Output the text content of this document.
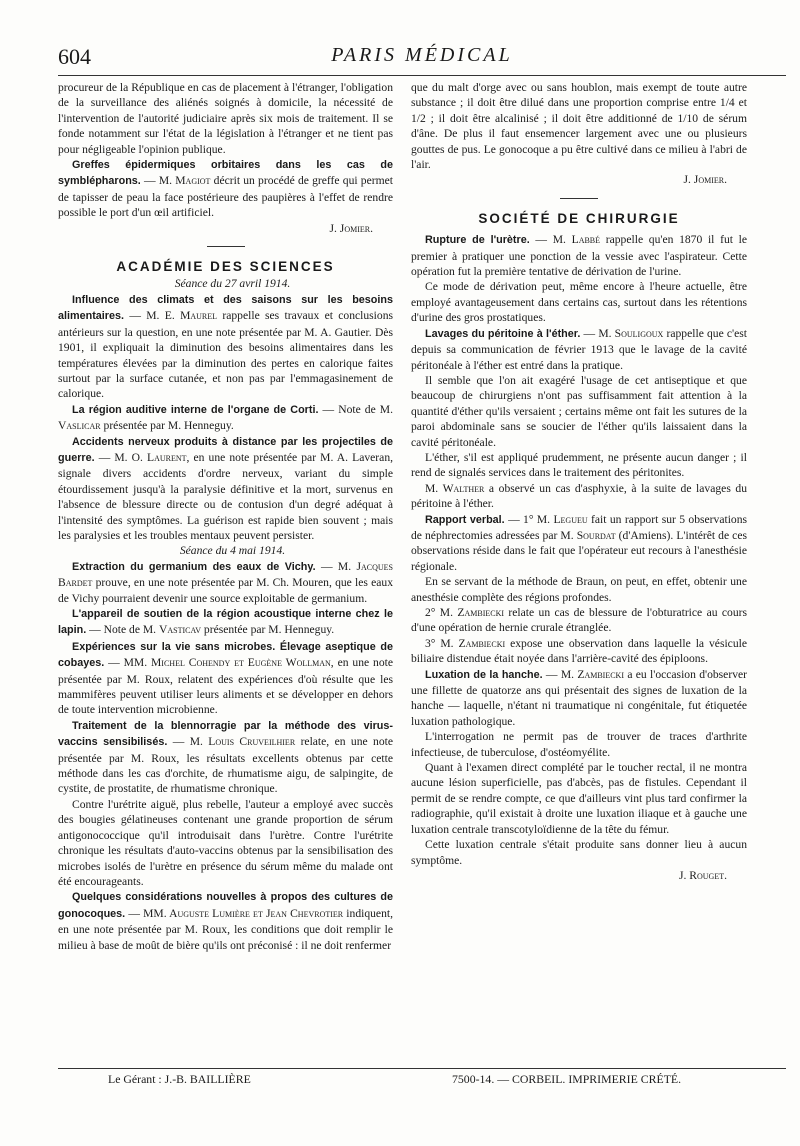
604	PARIS MÉDICAL

procureur de la République en cas de placement à l'étranger, l'obligation de la surveillance des aliénés soignés à domicile, la nécessité de l'intervention de l'autorité judiciaire après six mois de traitement. Il se fonde notamment sur l'état de la législation à l'étranger et ne tient pas pour négligeable l'opinion publique.

Greffes épidermiques orbitaires dans les cas de symblépharons. — M. Magiot décrit un procédé de greffe qui permet de tapisser de peau la face postérieure des paupières à l'effet de rendre possible le port d'un œil artificiel.

J. Jomier.

ACADÉMIE DES SCIENCES

Séance du 27 avril 1914.

Influence des climats et des saisons sur les besoins alimentaires. — M. E. Maurel rappelle ses travaux et conclusions antérieurs sur la question, en une note présentée par M. A. Gautier. Dès 1901, il expliquait la diminution des besoins alimentaires dans les températures élevées par la diminution des pertes en calorique faites surtout par la surface cutanée, et non pas par l'emmagasinement de calorique.

La région auditive interne de l'organe de Corti. — Note de M. Vaslicar présentée par M. Henneguy.

Accidents nerveux produits à distance par les projectiles de guerre. — M. O. Laurent, en une note présentée par M. A. Laveran, signale divers accidents d'ordre nerveux, variant du simple étourdissement jusqu'à la paralysie définitive et la mort, survenus en l'absence de blessure directe ou de contusion d'un degré adéquat à l'intensité des symptômes. La guérison est rapide bien souvent ; mais les paralysies et les troubles mentaux peuvent persister.

Séance du 4 mai 1914.

Extraction du germanium des eaux de Vichy. — M. Jacques Bardet prouve, en une note présentée par M. Ch. Mouren, que les eaux de Vichy pourraient devenir une source exploitable de germanium.

L'appareil de soutien de la région acoustique interne chez le lapin. — Note de M. Vasticav présentée par M. Henneguy.

Expériences sur la vie sans microbes. Élevage aseptique de cobayes. — MM. Michel Cohendy et Eugène Wollman, en une note présentée par M. Roux, relatent des expériences d'où résulte que les mammifères peuvent utiliser leurs aliments et se développer en dehors de toute intervention microbienne.

Traitement de la blennorragie par la méthode des virus-vaccins sensibilisés. — M. Louis Cruveilhier relate, en une note présentée par M. Roux, les résultats excellents obtenus par cette méthode dans les cas d'orchite, de rhumatisme aigu, de salpingite, de cystite, de prostatite, de rhumatisme chronique.

Contre l'urétrite aiguë, plus rebelle, l'auteur a employé avec succès des bougies gélatineuses contenant une grande proportion de sérum antigonococcique qu'il introduisait dans l'urètre. Contre l'urétrite chronique les résultats d'auto-vaccins obtenus par la sensibilisation des microbes isolés de l'urètre en présence du sérum même du malade ont été encourageants.

Quelques considérations nouvelles à propos des cultures de gonocoques. — MM. Auguste Lumière et Jean Chevrotier indiquent, en une note présentée par M. Roux, les conditions que doit remplir le milieu à base de moût de bière qu'ils ont préconisé : il ne doit renfermer

que du malt d'orge avec ou sans houblon, mais exempt de toute autre substance ; il doit être dilué dans une proportion comprise entre 1/4 et 1/2 ; il doit être alcalinisé ; il doit être additionné de 1/10 de sérum d'âne. De plus il faut ensemencer largement avec une ou plusieurs gouttes de pus. Le gonocoque a pu être cultivé dans ce milieu à l'abri de l'air.

J. Jomier.

SOCIÉTÉ DE CHIRURGIE

Rupture de l'urètre. — M. Labbé rappelle qu'en 1870 il fut le premier à pratiquer une ponction de la vessie avec l'aspirateur. Cette opération fut la première tentative de dérivation de l'urine.

Ce mode de dérivation peut, même encore à l'heure actuelle, être employé avantageusement dans certains cas, surtout dans les rétentions d'urine des gros prostatiques.

Lavages du péritoine à l'éther. — M. Souligoux rappelle que c'est depuis sa communication de février 1913 que le lavage de la cavité péritonéale à l'éther est entré dans la pratique.

Il semble que l'on ait exagéré l'usage de cet antiseptique et que beaucoup de chirurgiens n'ont pas suffisamment fait attention à la quantité d'éther qu'ils versaient ; certains même ont fait les sutures de la paroi abdominale sans se soucier de l'éther qu'ils laissaient dans la cavité péritonéale.

L'éther, s'il est appliqué prudemment, ne présente aucun danger ; il rend de signalés services dans le traitement des péritonites.

M. Walther a observé un cas d'asphyxie, à la suite de lavages du péritoine à l'éther.

Rapport verbal. — 1° M. Legueu fait un rapport sur 5 observations de néphrectomies adressées par M. Sourdat (d'Amiens). L'intérêt de ces observations réside dans le fait que l'opérateur eut recours à l'anesthésie régionale.

En se servant de la méthode de Braun, on peut, en effet, obtenir une anesthésie complète des régions profondes.

2° M. Zambiecki relate un cas de blessure de l'obturatrice au cours d'une opération de hernie crurale étranglée.

3° M. Zambiecki expose une observation dans laquelle la vésicule biliaire distendue était noyée dans l'arrière-cavité des épiploons.

Luxation de la hanche. — M. Zambiecki a eu l'occasion d'observer une fillette de quatorze ans qui présentait des signes de luxation de la hanche — laquelle, n'étant ni traumatique ni congénitale, fut étiquetée luxation pathologique.

L'interrogation ne permit pas de trouver de traces d'arthrite infectieuse, de tuberculose, d'ostéomyélite.

Quant à l'examen direct complété par le toucher rectal, il ne montra aucune lésion superficielle, pas d'abcès, pas de fistules. Cependant il permit de se rendre compte, ce que d'ailleurs vint plus tard confirmer la radiographie, qu'il existait à droite une luxation iliaque et à gauche une luxation centrale transcotyloïdienne de la tête du fémur.

Cette luxation centrale s'était produite sans donner lieu à aucun symptôme.

J. Rouget.

Le Gérant : J.-B. BAILLIÈRE	7500-14. — CORBEIL. IMPRIMERIE CRÉTÉ.
